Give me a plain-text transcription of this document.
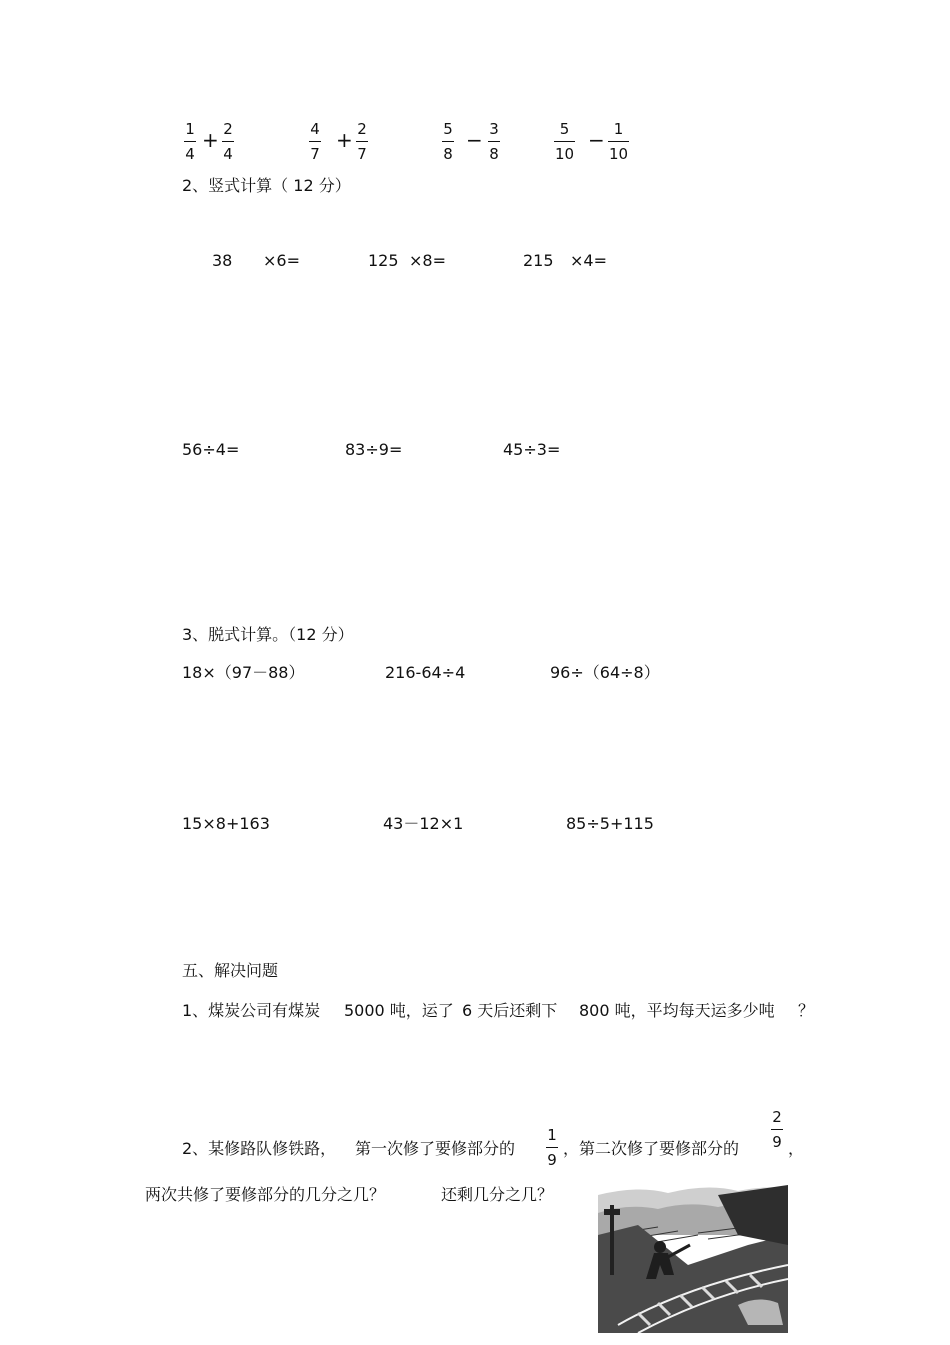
1
4
+ 2
4
4
7
+ 2
7
5
8
− 3
8
5
10
− 1
10
2、竖式计算（ 12 分）
38 ×6=	125 ×8=	215 ×4=
56÷4=	83÷9=	45÷3=
3、脱式计算。（12 分）
18×（97－88）	216-64÷4	96÷（64÷8）
15×8+163	43－12×1	85÷5+115
五、解决问题
1、煤炭公司有煤炭 5000 吨，运了 6 天后还剩下 800 吨，平均每天运多少吨 ？
2、某修路队修铁路， 第一次修了要修部分的
1
9
，第二次修了要修部分的
2
9 ，
两次共修了要修部分的几分之几？	还剩几分之几？
